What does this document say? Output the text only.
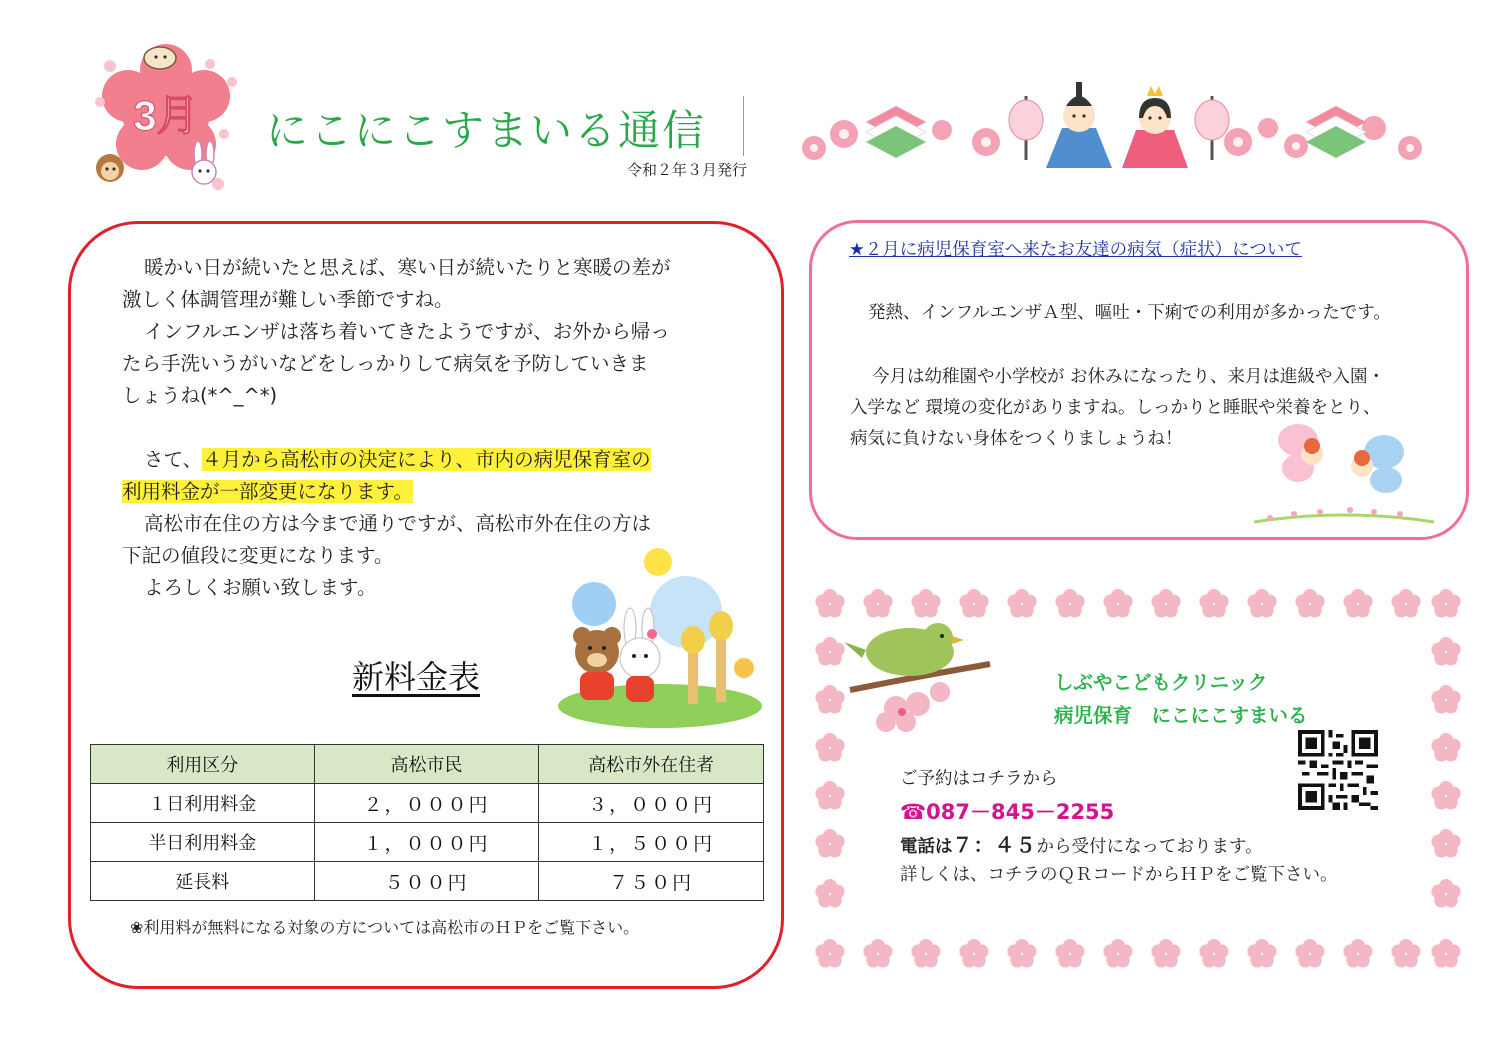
3月 にこにこすまいる通信
令和２年３月発行
暖かい日が続いたと思えば、寒い日が続いたりと寒暖の差が
激しく体調管理が難しい季節ですね。
インフルエンザは落ち着いてきたようですが、お外から帰っ
たら手洗いうがいなどをしっかりして病気を予防していきま
しょうね(*^_^*)
さて、４月から高松市の決定により、市内の病児保育室の
利用料金が一部変更になります。
高松市在住の方は今まで通りですが、高松市外在住の方は
下記の値段に変更になります。
よろしくお願い致します。
新料金表
利用区分	高松市民	高松市外在住者
１日利用料金	２，０００円	３，０００円
半日利用料金	１，０００円	１，５００円
延長料	５００円	７５０円
❀利用料が無料になる対象の方については高松市のＨＰをご覧下さい。
★２月に病児保育室へ来たお友達の病気（症状）について
発熱、インフルエンザＡ型、嘔吐・下痢での利用が多かったです。
今月は幼稚園や小学校が お休みになったり、来月は進級や入園・
入学など 環境の変化がありますね。しっかりと睡眠や栄養をとり、
病気に負けない身体をつくりましょうね！
しぶやこどもクリニック
病児保育　にこにこすまいる
ご予約はコチラから
☎087－845－2255
電話は７：４５から受付になっております。
詳しくは、コチラのＱＲコードからＨＰをご覧下さい。
